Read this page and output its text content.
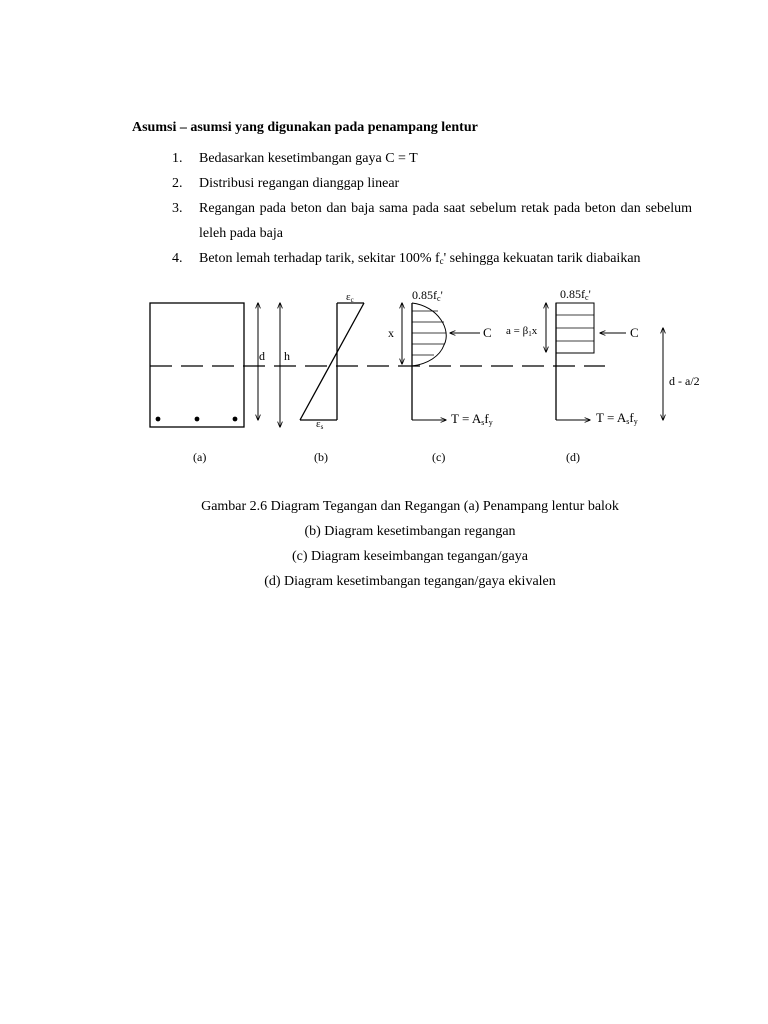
Asumsi – asumsi yang digunakan pada penampang lentur
1. Bedasarkan kesetimbangan gaya C = T
2. Distribusi regangan dianggap linear
3. Regangan pada beton dan baja sama pada saat sebelum retak pada beton dan sebelum leleh pada baja
4. Beton lemah terhadap tarik, sekitar 100% $f_c'$ sehingga kekuatan tarik diabaikan
d h
εc
εs
x
0.85fc'
C
T = Asfy
a = β1x
0.85fc'
C
T = Asfy
d - a/2
(a)	(b)	(c)	(d)
Gambar 2.6 Diagram Tegangan dan Regangan (a) Penampang lentur balok
(b) Diagram kesetimbangan regangan
(c) Diagram keseimbangan tegangan/gaya
(d) Diagram kesetimbangan tegangan/gaya ekivalen
